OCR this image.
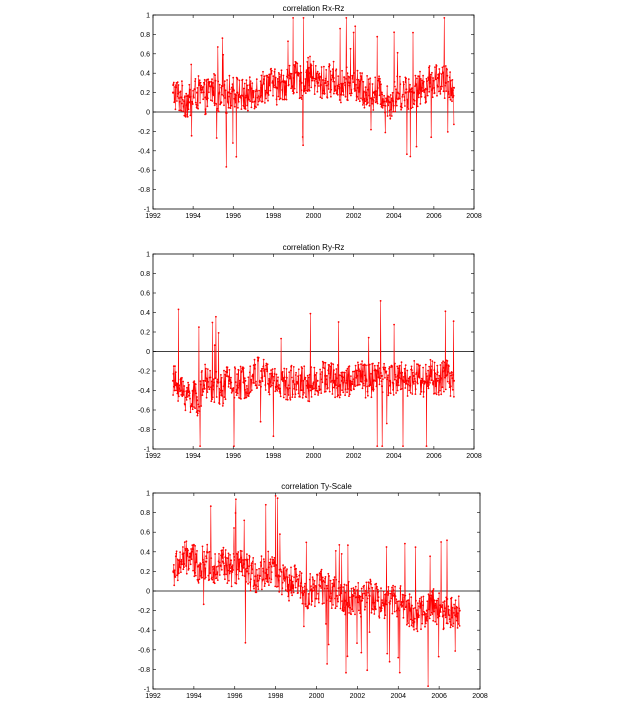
correlation Rx-Rz
-1
-0.8
-0.6
-0.4
-0.2
0
0.2
0.4
0.6
0.8
1
1992	1994	1996	1998	2000	2002	2004	2006	2008
correlation Ry-Rz
-1
-0.8
-0.6
-0.4
-0.2
0
0.2
0.4
0.6
0.8
1
1992	1994	1996	1998	2000	2002	2004	2006	2008
correlation Ty-Scale
-1
-0.8
-0.6
-0.4
-0.2
0
0.2
0.4
0.6
0.8
1
1992	1994	1996	1998	2000	2002	2004	2006	2008
